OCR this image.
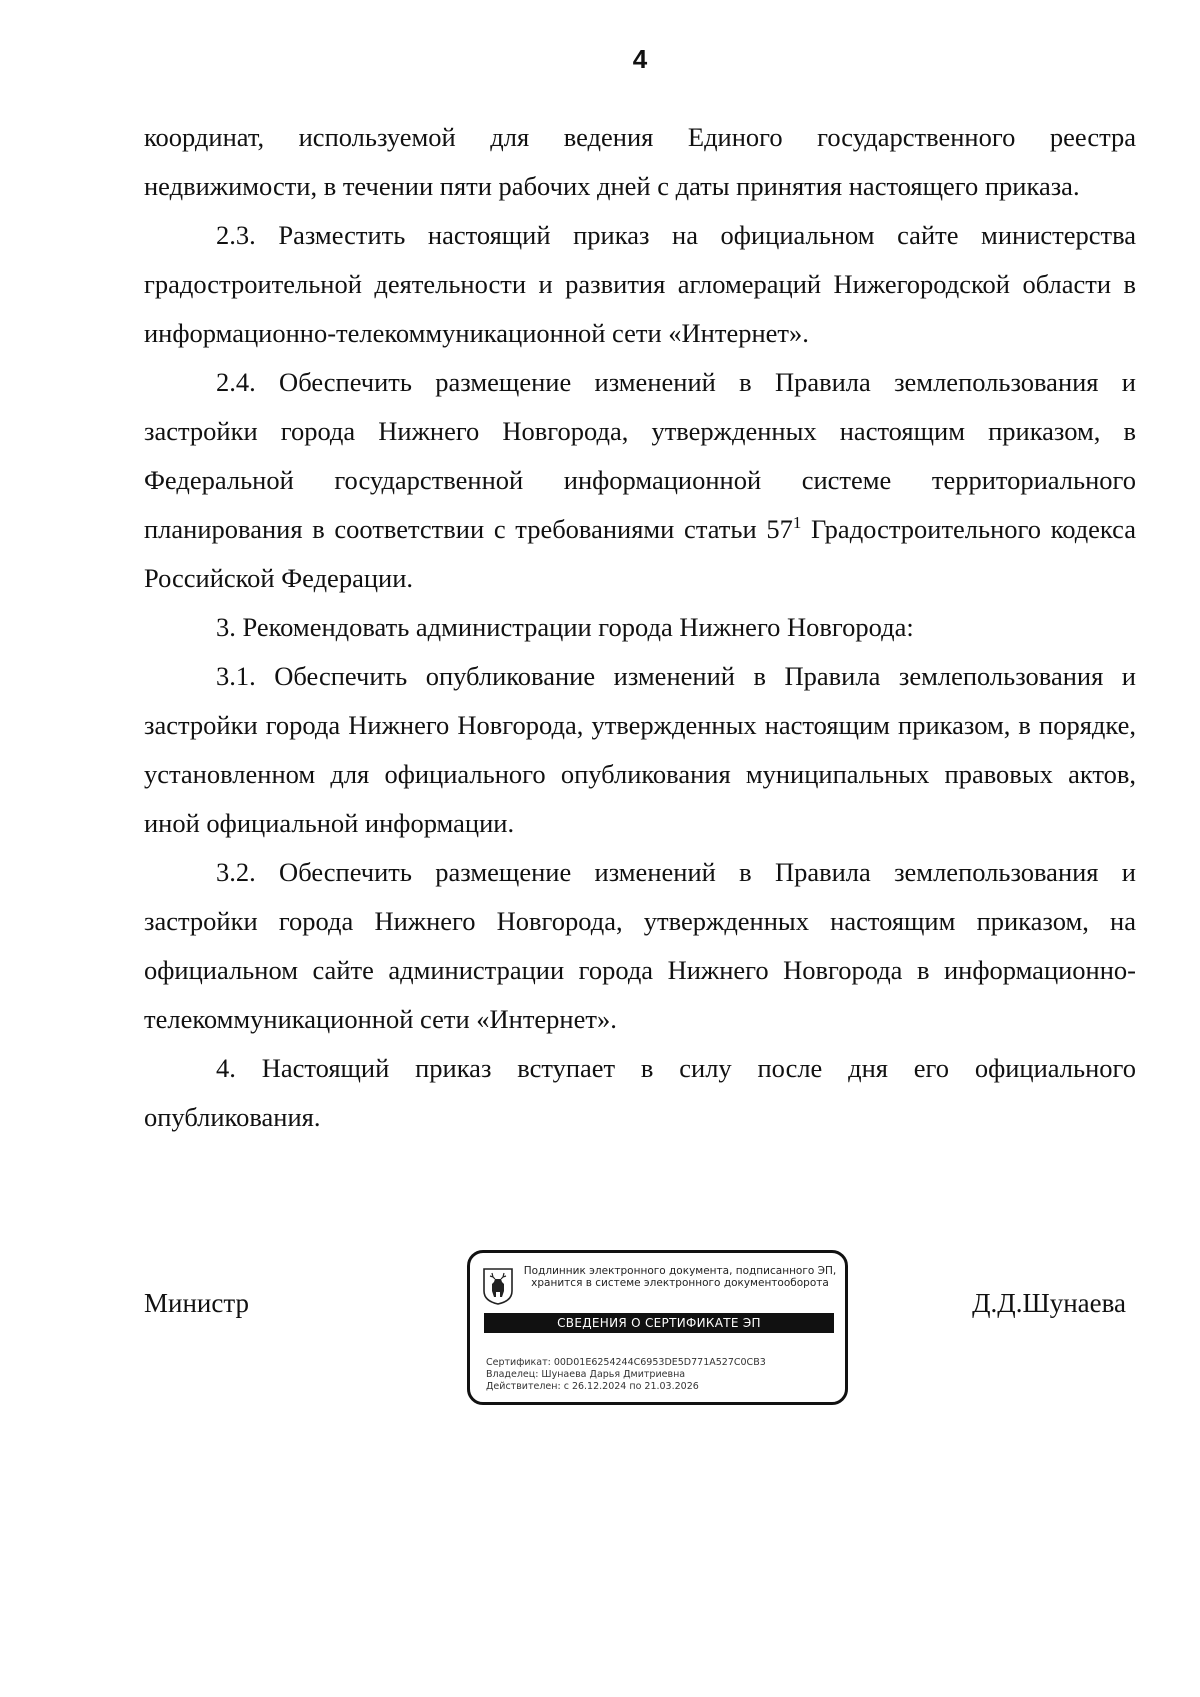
4

координат, используемой для ведения Единого государственного реестра недвижимости, в течении пяти рабочих дней с даты принятия настоящего приказа.

2.3. Разместить настоящий приказ на официальном сайте министерства градостроительной деятельности и развития агломераций Нижегородской области в информационно-телекоммуникационной сети «Интернет».

2.4. Обеспечить размещение изменений в Правила землепользования и застройки города Нижнего Новгорода, утвержденных настоящим приказом, в Федеральной государственной информационной системе территориального планирования в соответствии с требованиями статьи $57^1$ Градостроительного кодекса Российской Федерации.

3. Рекомендовать администрации города Нижнего Новгорода:

3.1. Обеспечить опубликование изменений в Правила землепользования и застройки города Нижнего Новгорода, утвержденных настоящим приказом, в порядке, установленном для официального опубликования муниципальных правовых актов, иной официальной информации.

3.2. Обеспечить размещение изменений в Правила землепользования и застройки города Нижнего Новгорода, утвержденных настоящим приказом, на официальном сайте администрации города Нижнего Новгорода в информационно-телекоммуникационной сети «Интернет».

4. Настоящий приказ вступает в силу после дня его официального опубликования.

Министр
Подлинник электронного документа, подписанного ЭП,
хранится в системе электронного документооборота
СВЕДЕНИЯ О СЕРТИФИКАТЕ ЭП
Сертификат: 00D01E6254244C6953DE5D771A527C0CB3
Владелец: Шунаева Дарья Дмитриевна
Действителен: с 26.12.2024 по 21.03.2026
Д.Д.Шунаева
